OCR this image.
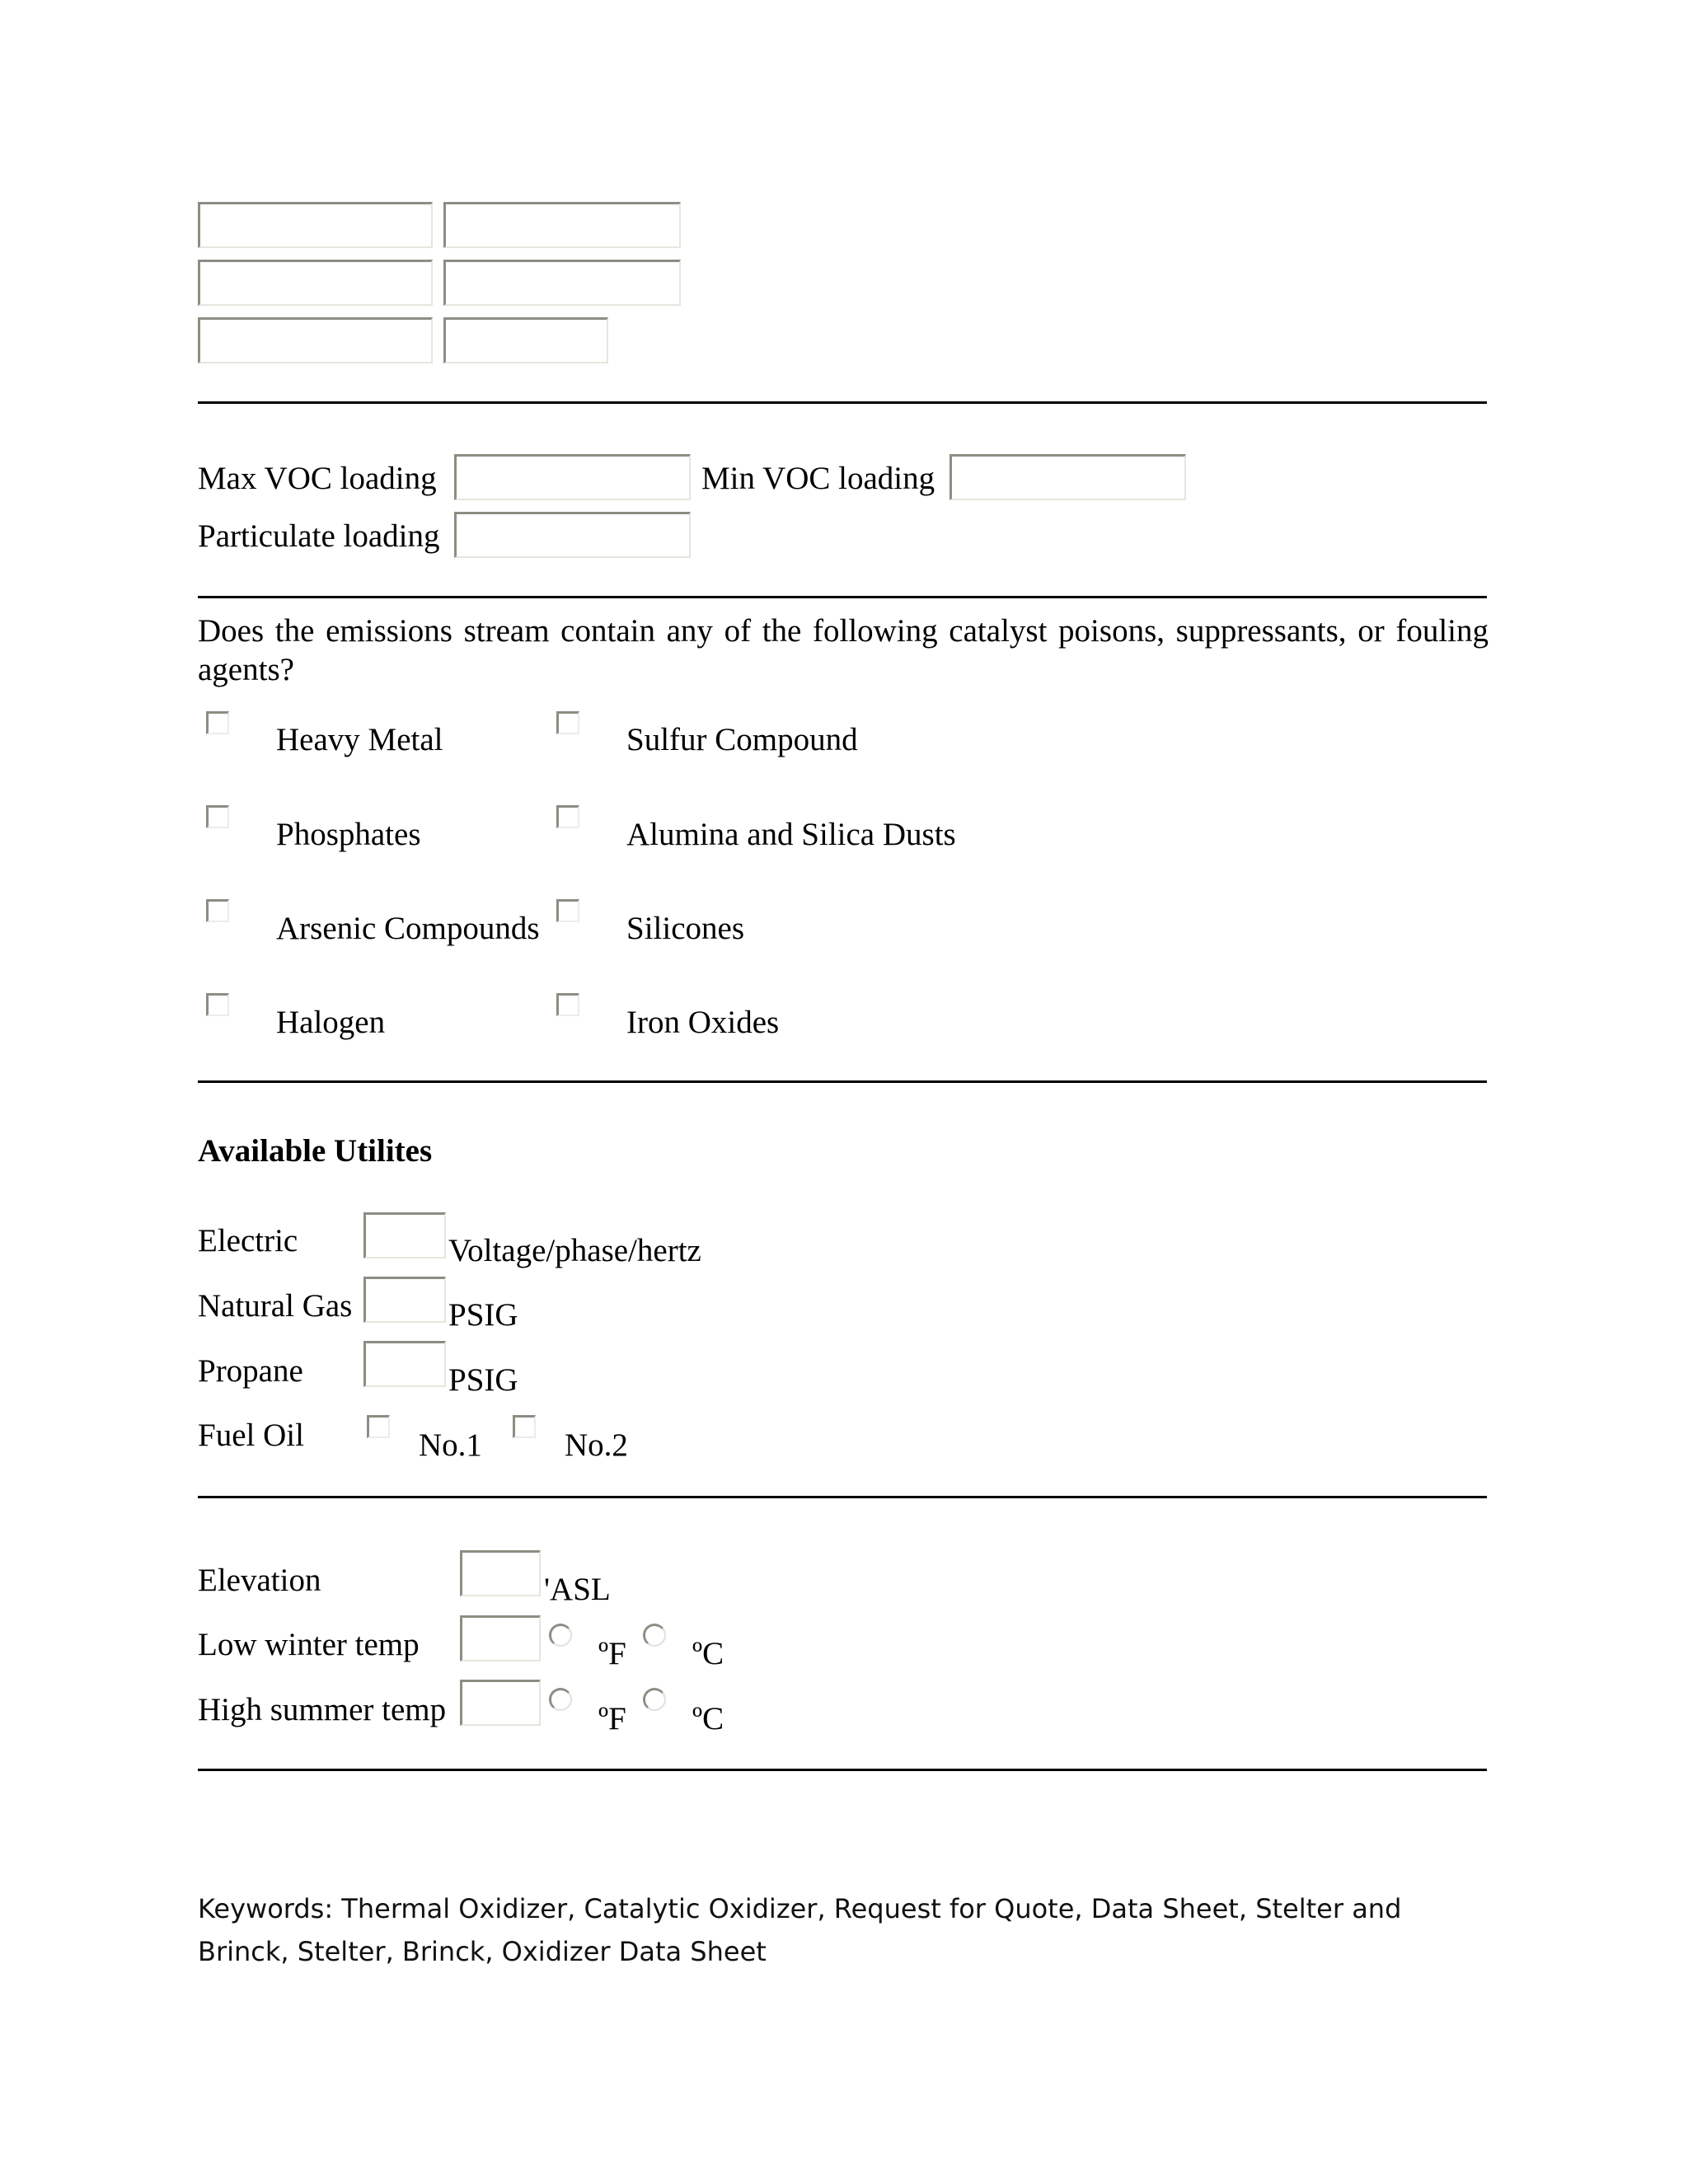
Max VOC loading	Min VOC loading
Particulate loading
Does the emissions stream contain any of the following catalyst poisons, suppressants, or fouling agents?
Heavy Metal	Sulfur Compound
Phosphates	Alumina and Silica Dusts
Arsenic Compounds	Silicones
Halogen	Iron Oxides
Available Utilites
Electric	Voltage/phase/hertz
Natural Gas	PSIG
Propane	PSIG
Fuel Oil	No.1	No.2
Elevation	'ASL
Low winter temp	ºF ºC
High summer temp	ºF ºC
Keywords: Thermal Oxidizer, Catalytic Oxidizer, Request for Quote, Data Sheet, Stelter and Brinck, Stelter, Brinck, Oxidizer Data Sheet
